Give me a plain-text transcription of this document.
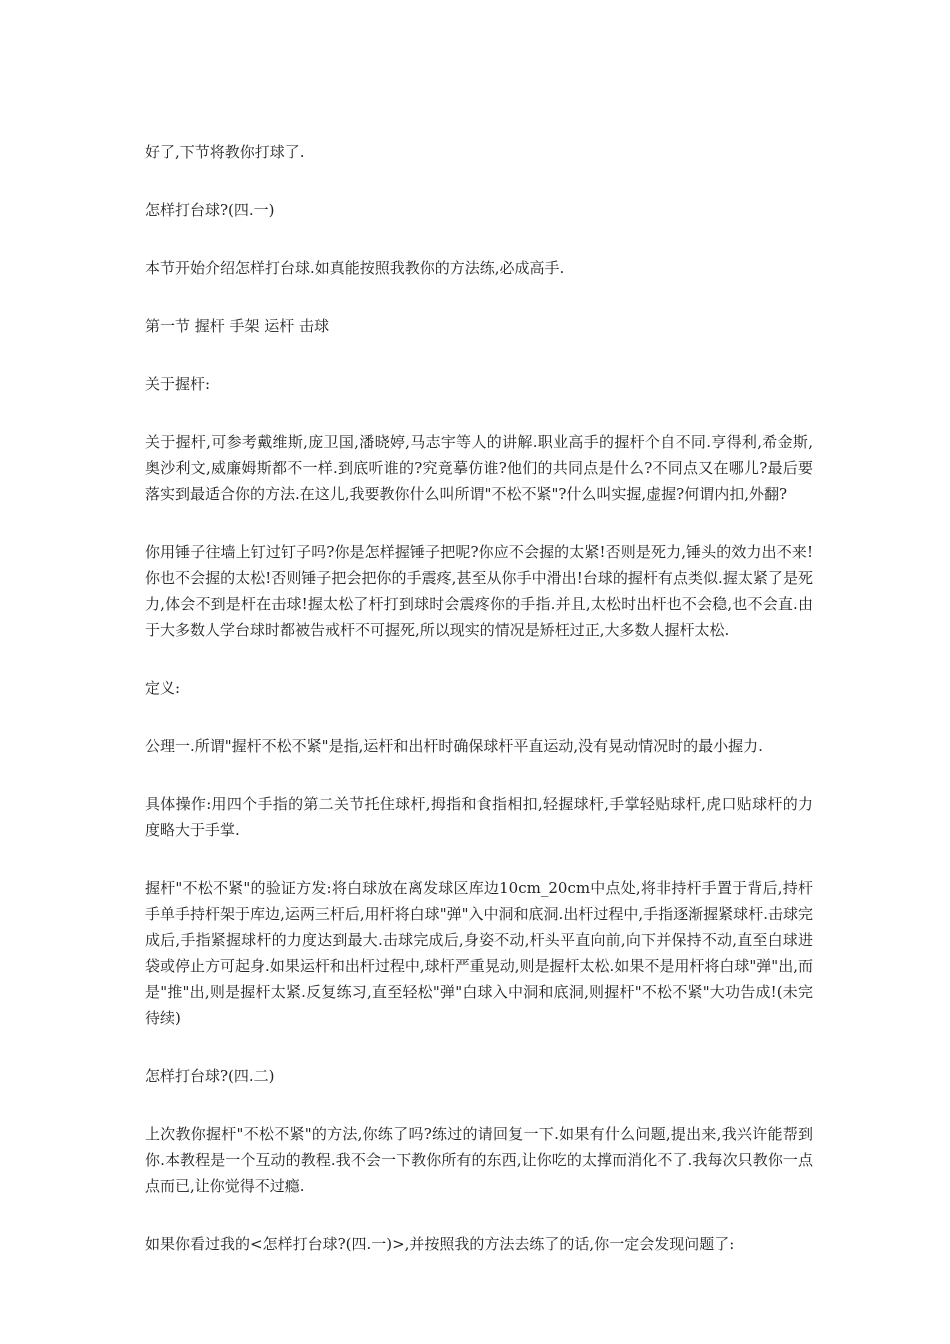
好了,下节将教你打球了.

怎样打台球?(四.一)

本节开始介绍怎样打台球.如真能按照我教你的方法练,必成高手.

第一节 握杆 手架 运杆 击球

关于握杆:

关于握杆,可参考戴维斯,庞卫国,潘晓婷,马志宇等人的讲解.职业高手的握杆个自不同.亨得利,希金斯,奥沙利文,威廉姆斯都不一样.到底听谁的?究竟摹仿谁?他们的共同点是什么?不同点又在哪儿?最后要落实到最适合你的方法.在这儿,我要教你什么叫所谓"不松不紧"?什么叫实握,虚握?何谓内扣,外翻?

你用锤子往墙上钉过钉子吗?你是怎样握锤子把呢?你应不会握的太紧!否则是死力,锤头的效力出不来!你也不会握的太松!否则锤子把会把你的手震疼,甚至从你手中滑出!台球的握杆有点类似.握太紧了是死力,体会不到是杆在击球!握太松了杆打到球时会震疼你的手指.并且,太松时出杆也不会稳,也不会直.由于大多数人学台球时都被告戒杆不可握死,所以现实的情况是矫枉过正,大多数人握杆太松.

定义:

公理一.所谓"握杆不松不紧"是指,运杆和出杆时确保球杆平直运动,没有晃动情况时的最小握力.

具体操作:用四个手指的第二关节托住球杆,拇指和食指相扣,轻握球杆,手掌轻贴球杆,虎口贴球杆的力度略大于手掌.

握杆"不松不紧"的验证方发:将白球放在离发球区库边10cm_20cm中点处,将非持杆手置于背后,持杆手单手持杆架于库边,运两三杆后,用杆将白球"弹"入中洞和底洞.出杆过程中,手指逐渐握紧球杆.击球完成后,手指紧握球杆的力度达到最大.击球完成后,身姿不动,杆头平直向前,向下并保持不动,直至白球进袋或停止方可起身.如果运杆和出杆过程中,球杆严重晃动,则是握杆太松.如果不是用杆将白球"弹"出,而是"推"出,则是握杆太紧.反复练习,直至轻松"弹"白球入中洞和底洞,则握杆"不松不紧"大功告成!(未完待续)

怎样打台球?(四.二)

上次教你握杆"不松不紧"的方法,你练了吗?练过的请回复一下.如果有什么问题,提出来,我兴许能帮到你.本教程是一个互动的教程.我不会一下教你所有的东西,让你吃的太撑而消化不了.我每次只教你一点点而已,让你觉得不过瘾.

如果你看过我的<怎样打台球?(四.一)>,并按照我的方法去练了的话,你一定会发现问题了:
